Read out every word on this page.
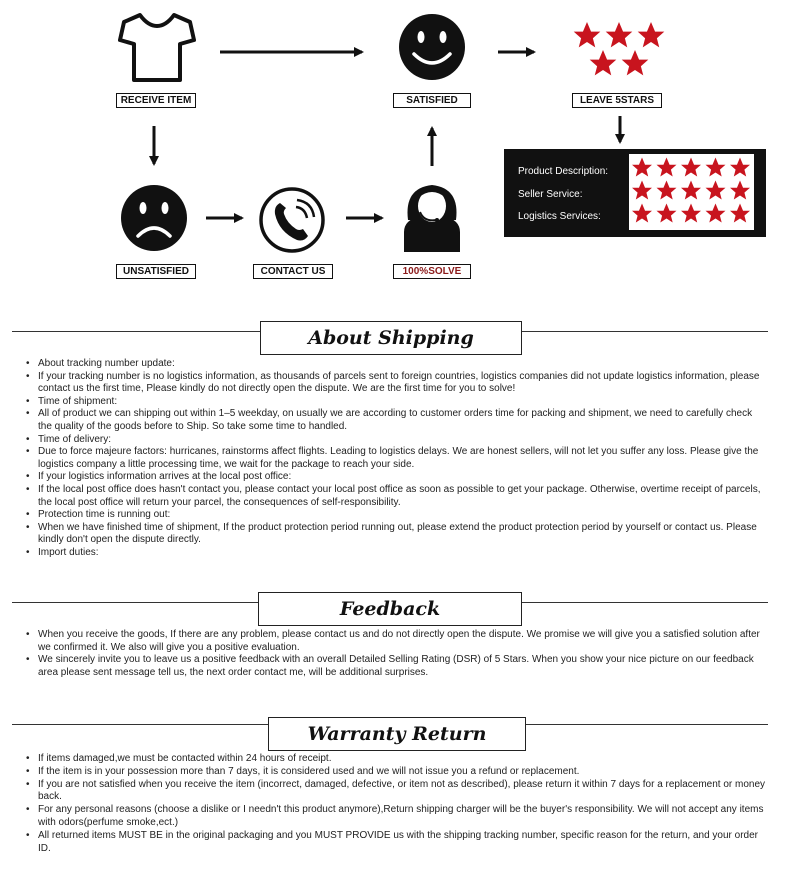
RECEIVE ITEM	SATISFIED	LEAVE 5STARS
UNSATISFIED	CONTACT US	100%SOLVE
Product Description:
Seller Service:
Logistics Services:
About Shipping
• About tracking number update:
• If your tracking number is no logistics information, as thousands of parcels sent to foreign countries, logistics companies did not update logistics information, please contact us the first time, Please kindly do not directly open the dispute. We are the first time for you to solve!
• Time of shipment:
• All of product we can shipping out within 1–5 weekday, on usually we are according to customer orders time for packing and shipment, we need to carefully check the quality of the goods before to Ship. So take some time to handled.
• Time of delivery:
• Due to force majeure factors: hurricanes, rainstorms affect flights. Leading to logistics delays. We are honest sellers, will not let you suffer any loss. Please give the logistics company a little processing time, we wait for the package to reach your side.
• If your logistics information arrives at the local post office:
• If the local post office does hasn't contact you, please contact your local post office as soon as possible to get your package. Otherwise, overtime receipt of parcels, the local post office will return your parcel, the consequences of self-responsibility.
• Protection time is running out:
• When we have finished time of shipment, If the product protection period running out, please extend the product protection period by yourself or contact us. Please kindly don't open the dispute directly.
• Import duties:
Feedback
• When you receive the goods, If there are any problem, please contact us and do not directly open the dispute. We promise we will give you a satisfied solution after we confirmed it. We also will give you a positive evaluation.
• We sincerely invite you to leave us a positive feedback with an overall Detailed Selling Rating (DSR) of 5 Stars. When you show your nice picture on our feedback area please sent message tell us, the next order contact me, will be additional surprises.
Warranty Return
• If items damaged,we must be contacted within 24 hours of receipt.
• If the item is in your possession more than 7 days, it is considered used and we will not issue you a refund or replacement.
• If you are not satisfied when you receive the item (incorrect, damaged, defective, or item not as described), please return it within 7 days for a replacement or money back.
• For any personal reasons (choose a dislike or I needn't this product anymore),Return shipping charger will be the buyer's responsibility. We will not accept any items with odors(perfume smoke,ect.)
• All returned items MUST BE in the original packaging and you MUST PROVIDE us with the shipping tracking number, specific reason for the return, and your order ID.
